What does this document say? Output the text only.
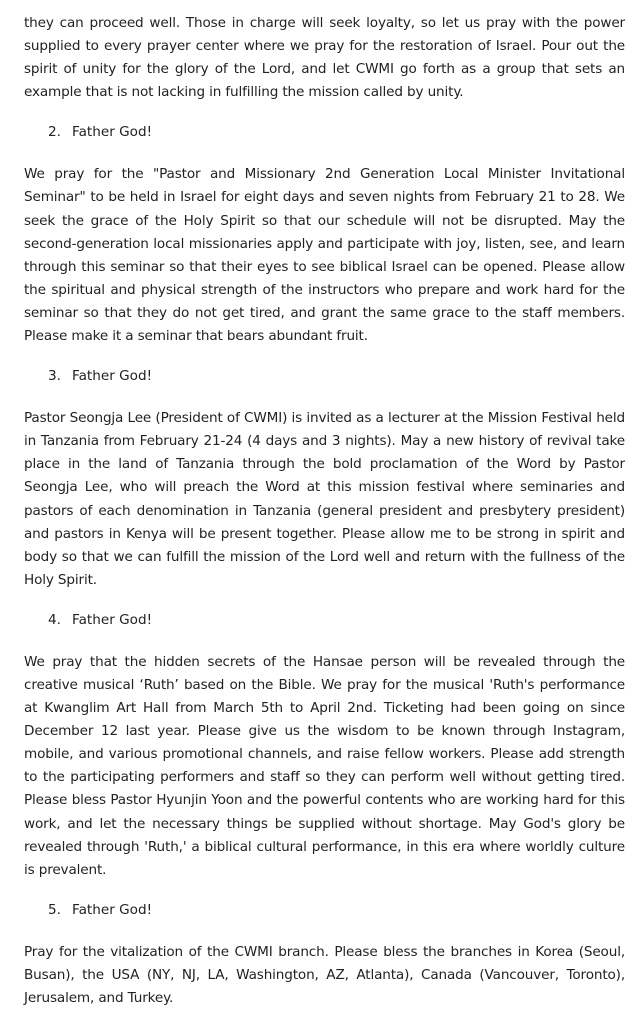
they can proceed well. Those in charge will seek loyalty, so let us pray with the power supplied to every prayer center where we pray for the restoration of Israel. Pour out the spirit of unity for the glory of the Lord, and let CWMI go forth as a group that sets an example that is not lacking in fulfilling the mission called by unity.

2. Father God!

We pray for the "Pastor and Missionary 2nd Generation Local Minister Invitational Seminar" to be held in Israel for eight days and seven nights from February 21 to 28. We seek the grace of the Holy Spirit so that our schedule will not be disrupted. May the second-generation local missionaries apply and participate with joy, listen, see, and learn through this seminar so that their eyes to see biblical Israel can be opened. Please allow the spiritual and physical strength of the instructors who prepare and work hard for the seminar so that they do not get tired, and grant the same grace to the staff members. Please make it a seminar that bears abundant fruit.

3. Father God!

Pastor Seongja Lee (President of CWMI) is invited as a lecturer at the Mission Festival held in Tanzania from February 21-24 (4 days and 3 nights). May a new history of revival take place in the land of Tanzania through the bold proclamation of the Word by Pastor Seongja Lee, who will preach the Word at this mission festival where seminaries and pastors of each denomination in Tanzania (general president and presbytery president) and pastors in Kenya will be present together. Please allow me to be strong in spirit and body so that we can fulfill the mission of the Lord well and return with the fullness of the Holy Spirit.

4. Father God!

We pray that the hidden secrets of the Hansae person will be revealed through the creative musical ‘Ruth’ based on the Bible. We pray for the musical 'Ruth's performance at Kwanglim Art Hall from March 5th to April 2nd. Ticketing had been going on since December 12 last year. Please give us the wisdom to be known through Instagram, mobile, and various promotional channels, and raise fellow workers. Please add strength to the participating performers and staff so they can perform well without getting tired. Please bless Pastor Hyunjin Yoon and the powerful contents who are working hard for this work, and let the necessary things be supplied without shortage. May God's glory be revealed through 'Ruth,' a biblical cultural performance, in this era where worldly culture is prevalent.

5. Father God!

Pray for the vitalization of the CWMI branch. Please bless the branches in Korea (Seoul, Busan), the USA (NY, NJ, LA, Washington, AZ, Atlanta), Canada (Vancouver, Toronto), Jerusalem, and Turkey.
